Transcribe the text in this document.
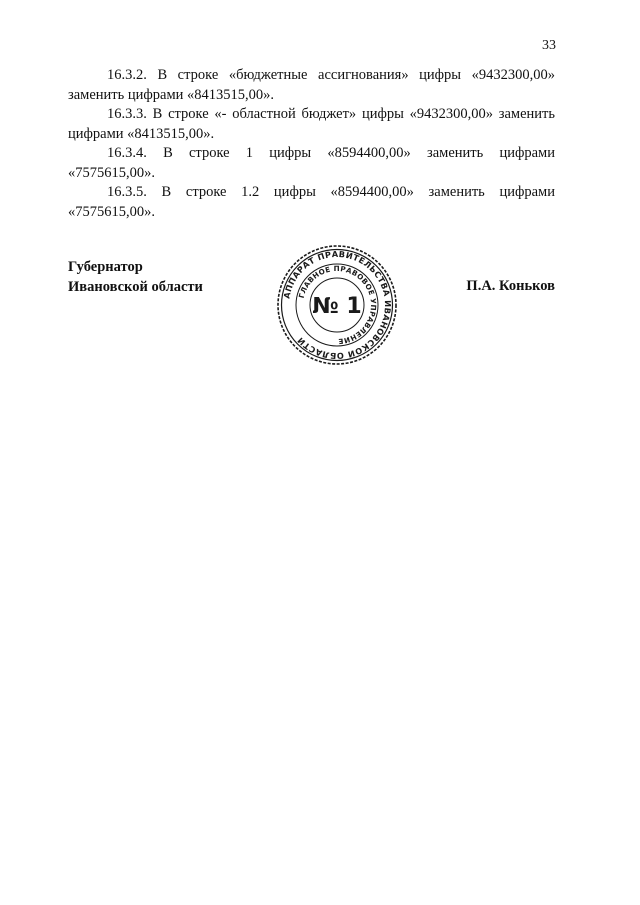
33

16.3.2. В строке «бюджетные ассигнования» цифры «9432300,00» заменить цифрами «8413515,00».

16.3.3. В строке «- областной бюджет» цифры «9432300,00» заменить цифрами «8413515,00».

16.3.4. В строке 1 цифры «8594400,00» заменить цифрами «7575615,00».

16.3.5. В строке 1.2 цифры «8594400,00» заменить цифрами «7575615,00».

Губернатор
Ивановской области
АППАРАТ ПРАВИТЕЛЬСТВА ИВАНОВСКОЙ ОБЛАСТИ
ГЛАВНОЕ ПРАВОВОЕ УПРАВЛЕНИЕ
№ 1
П.А. Коньков
